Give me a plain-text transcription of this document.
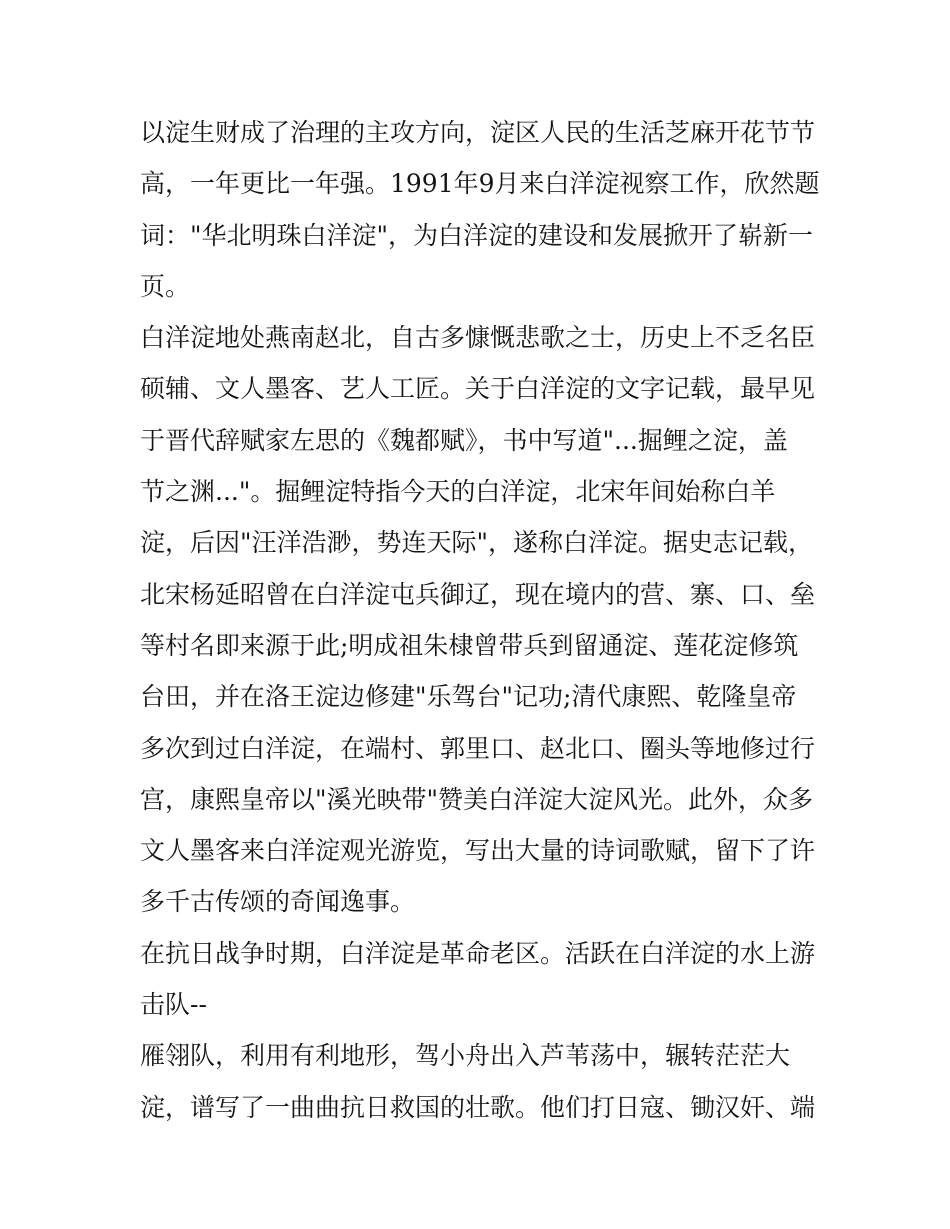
以淀生财成了治理的主攻方向，淀区人民的生活芝麻开花节节
高，一年更比一年强。1991年9月来白洋淀视察工作，欣然题
词："华北明珠白洋淀"，为白洋淀的建设和发展掀开了崭新一
页。
白洋淀地处燕南赵北，自古多慷慨悲歌之士，历史上不乏名臣
硕辅、文人墨客、艺人工匠。关于白洋淀的文字记载，最早见
于晋代辞赋家左思的《魏都赋》，书中写道"...掘鲤之淀，盖
节之渊..."。掘鲤淀特指今天的白洋淀，北宋年间始称白羊
淀，后因"汪洋浩渺，势连天际"，遂称白洋淀。据史志记载，
北宋杨延昭曾在白洋淀屯兵御辽，现在境内的营、寨、口、垒
等村名即来源于此;明成祖朱棣曾带兵到留通淀、莲花淀修筑
台田，并在洛王淀边修建"乐驾台"记功;清代康熙、乾隆皇帝
多次到过白洋淀，在端村、郭里口、赵北口、圈头等地修过行
宫，康熙皇帝以"溪光映带"赞美白洋淀大淀风光。此外，众多
文人墨客来白洋淀观光游览，写出大量的诗词歌赋，留下了许
多千古传颂的奇闻逸事。
在抗日战争时期，白洋淀是革命老区。活跃在白洋淀的水上游
击队--
雁翎队，利用有利地形，驾小舟出入芦苇荡中，辗转茫茫大
淀，谱写了一曲曲抗日救国的壮歌。他们打日寇、锄汉奸、端
